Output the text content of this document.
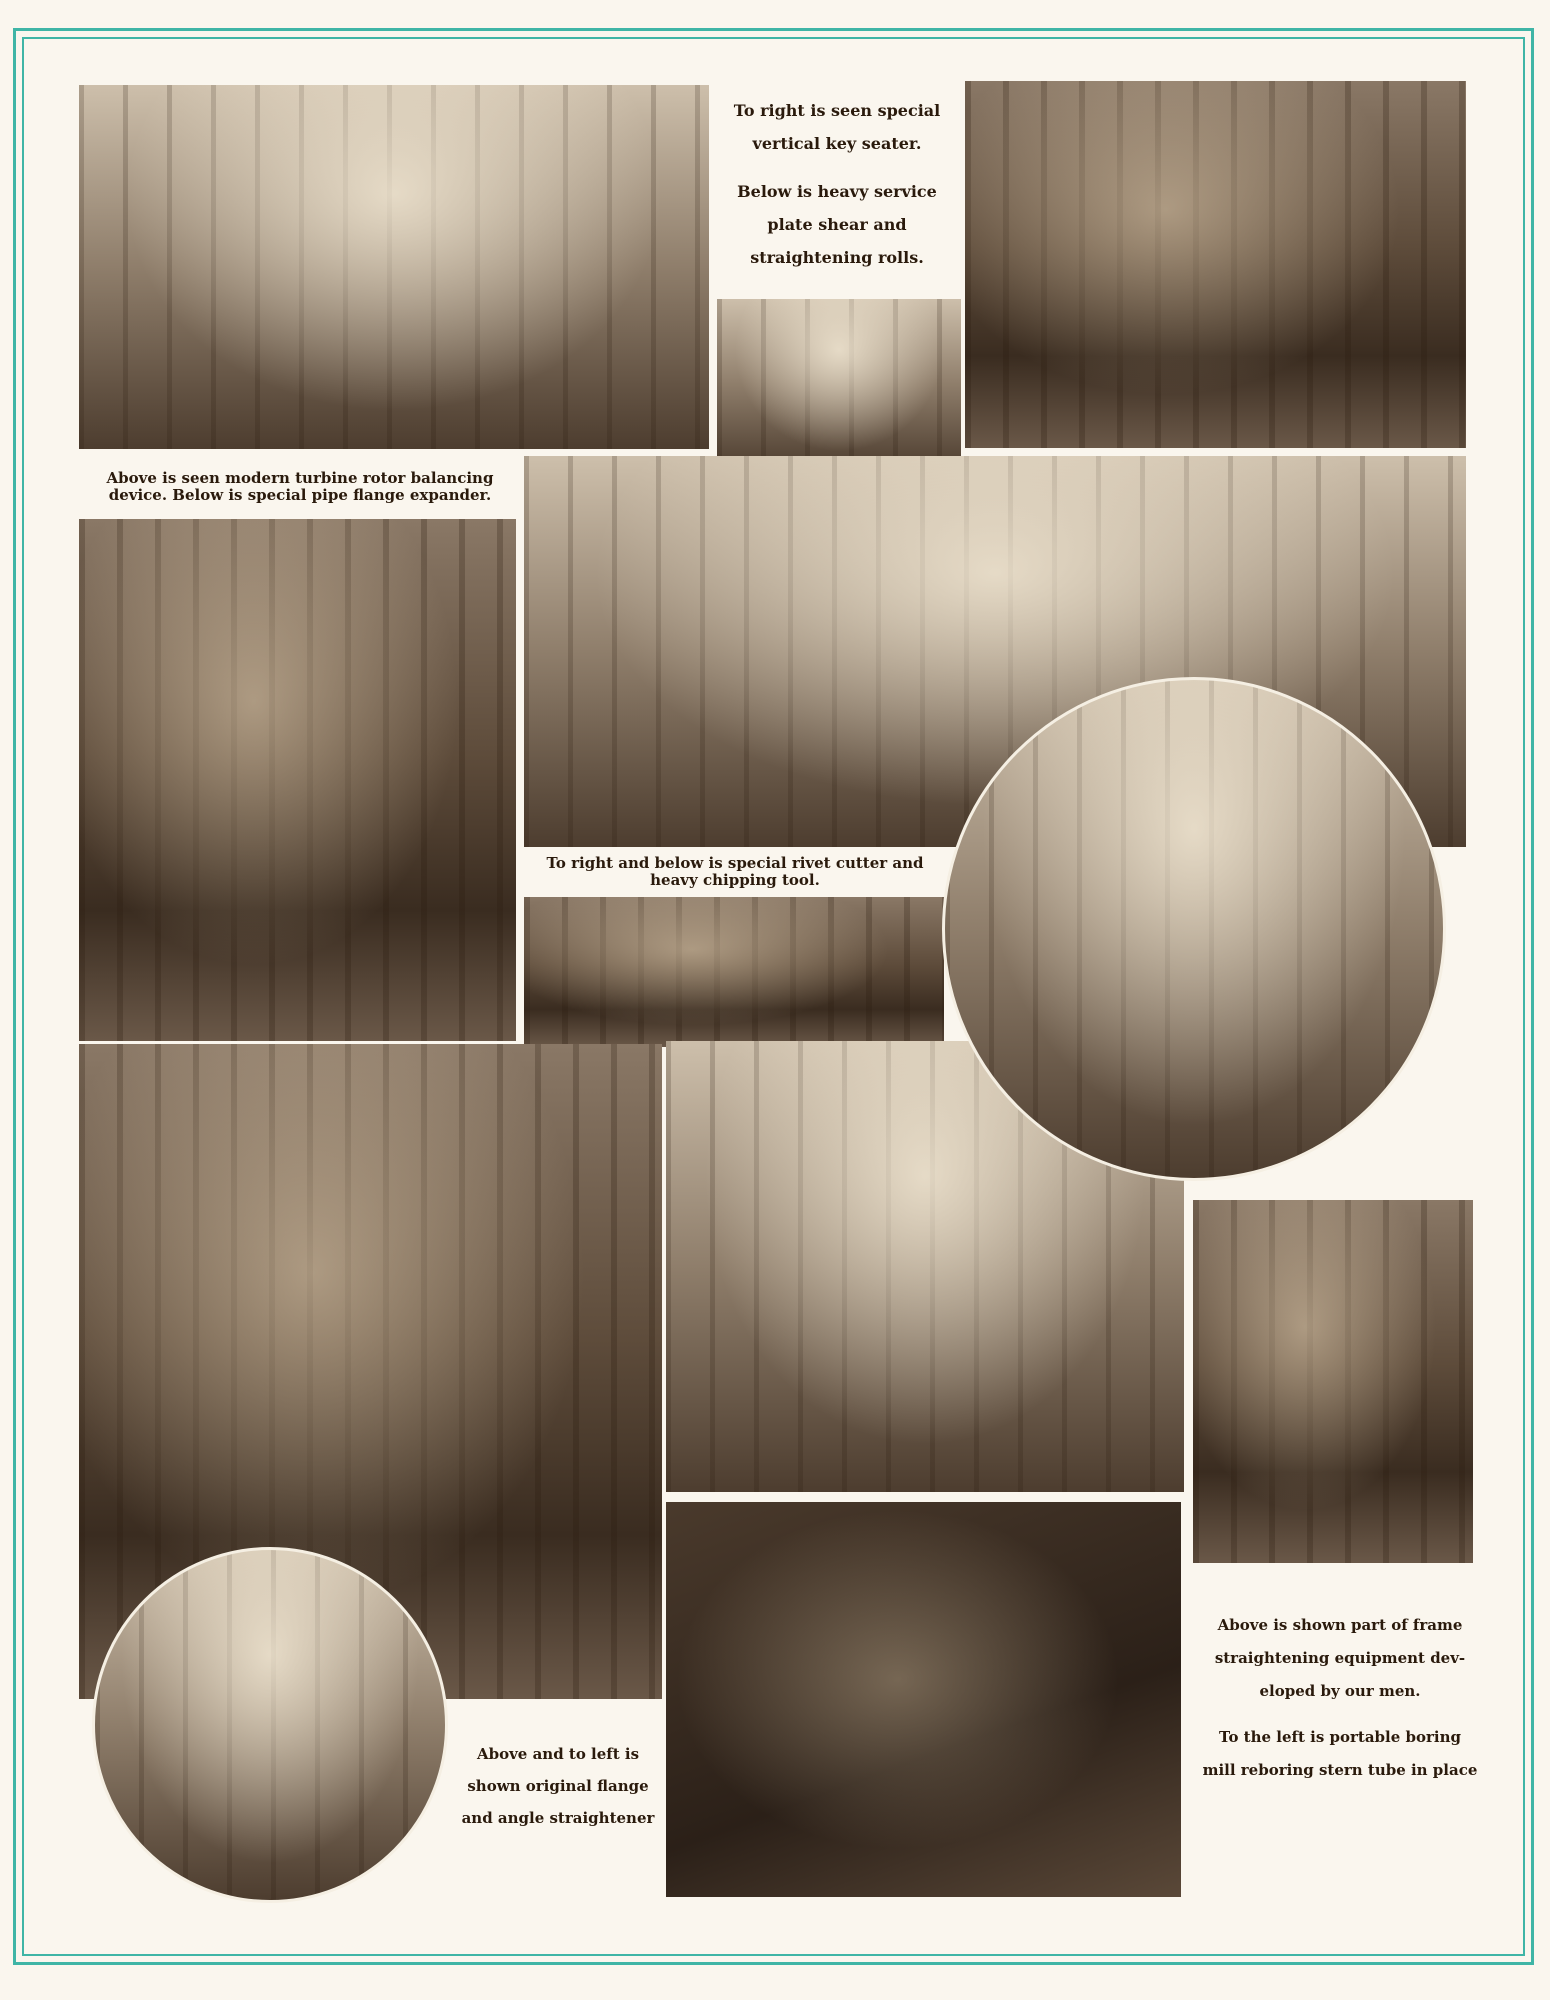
To right is seen special

vertical key seater.

Below is heavy service

plate shear and

straightening rolls.

Above is seen modern turbine rotor balancing

device. Below is special pipe flange expander.

To right and below is special rivet cutter and

heavy chipping tool.

Above and to left is

shown original flange

and angle straightener

Above is shown part of frame

straightening equipment dev-

eloped by our men.

To the left is portable boring

mill reboring stern tube in place
